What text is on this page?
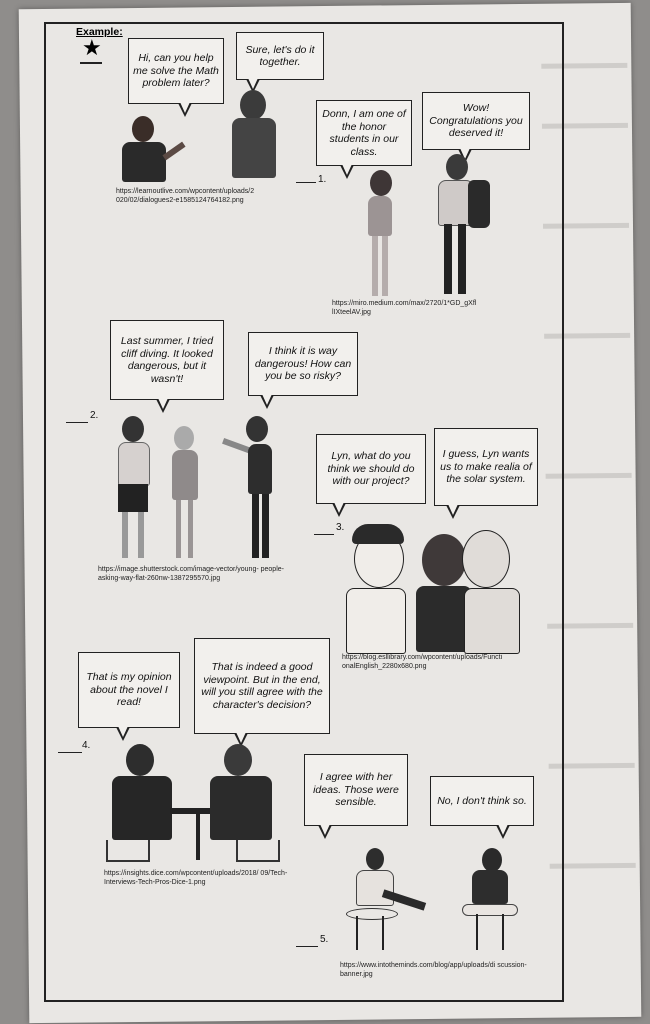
Example:
★	Hi, can you help me solve the Math problem later?
Sure, let's do it together.
https://learnoutlive.com/wpcontent/uploads/2 020/02/dialogues2-e1585124764182.png
1.
Donn, I am one of the honor students in our class.
Wow! Congratulations you deserved it!
https://miro.medium.com/max/2720/1*GD_gXfl lIXteelAV.jpg
2.
Last summer, I tried cliff diving. It looked dangerous, but it wasn't!
I think it is way dangerous! How can you be so risky?
https://image.shutterstock.com/image-vector/young- people-asking-way-flat-260nw-1387295570.jpg
3.
Lyn, what do you think we should do with our project?
I guess, Lyn wants us to make realia of the solar system.
https://blog.esllibrary.com/wpcontent/uploads/Functi onalEnglish_2280x680.png
4.
That is my opinion about the novel I read!
That is indeed a good viewpoint. But in the end, will you still agree with the character's decision?
https://insights.dice.com/wpcontent/uploads/2018/ 09/Tech-Interviews-Tech-Pros-Dice-1.png
I agree with her ideas. Those were sensible.	No, I don't think so.
5.
https://www.intotheminds.com/blog/app/uploads/di scussion-banner.jpg
